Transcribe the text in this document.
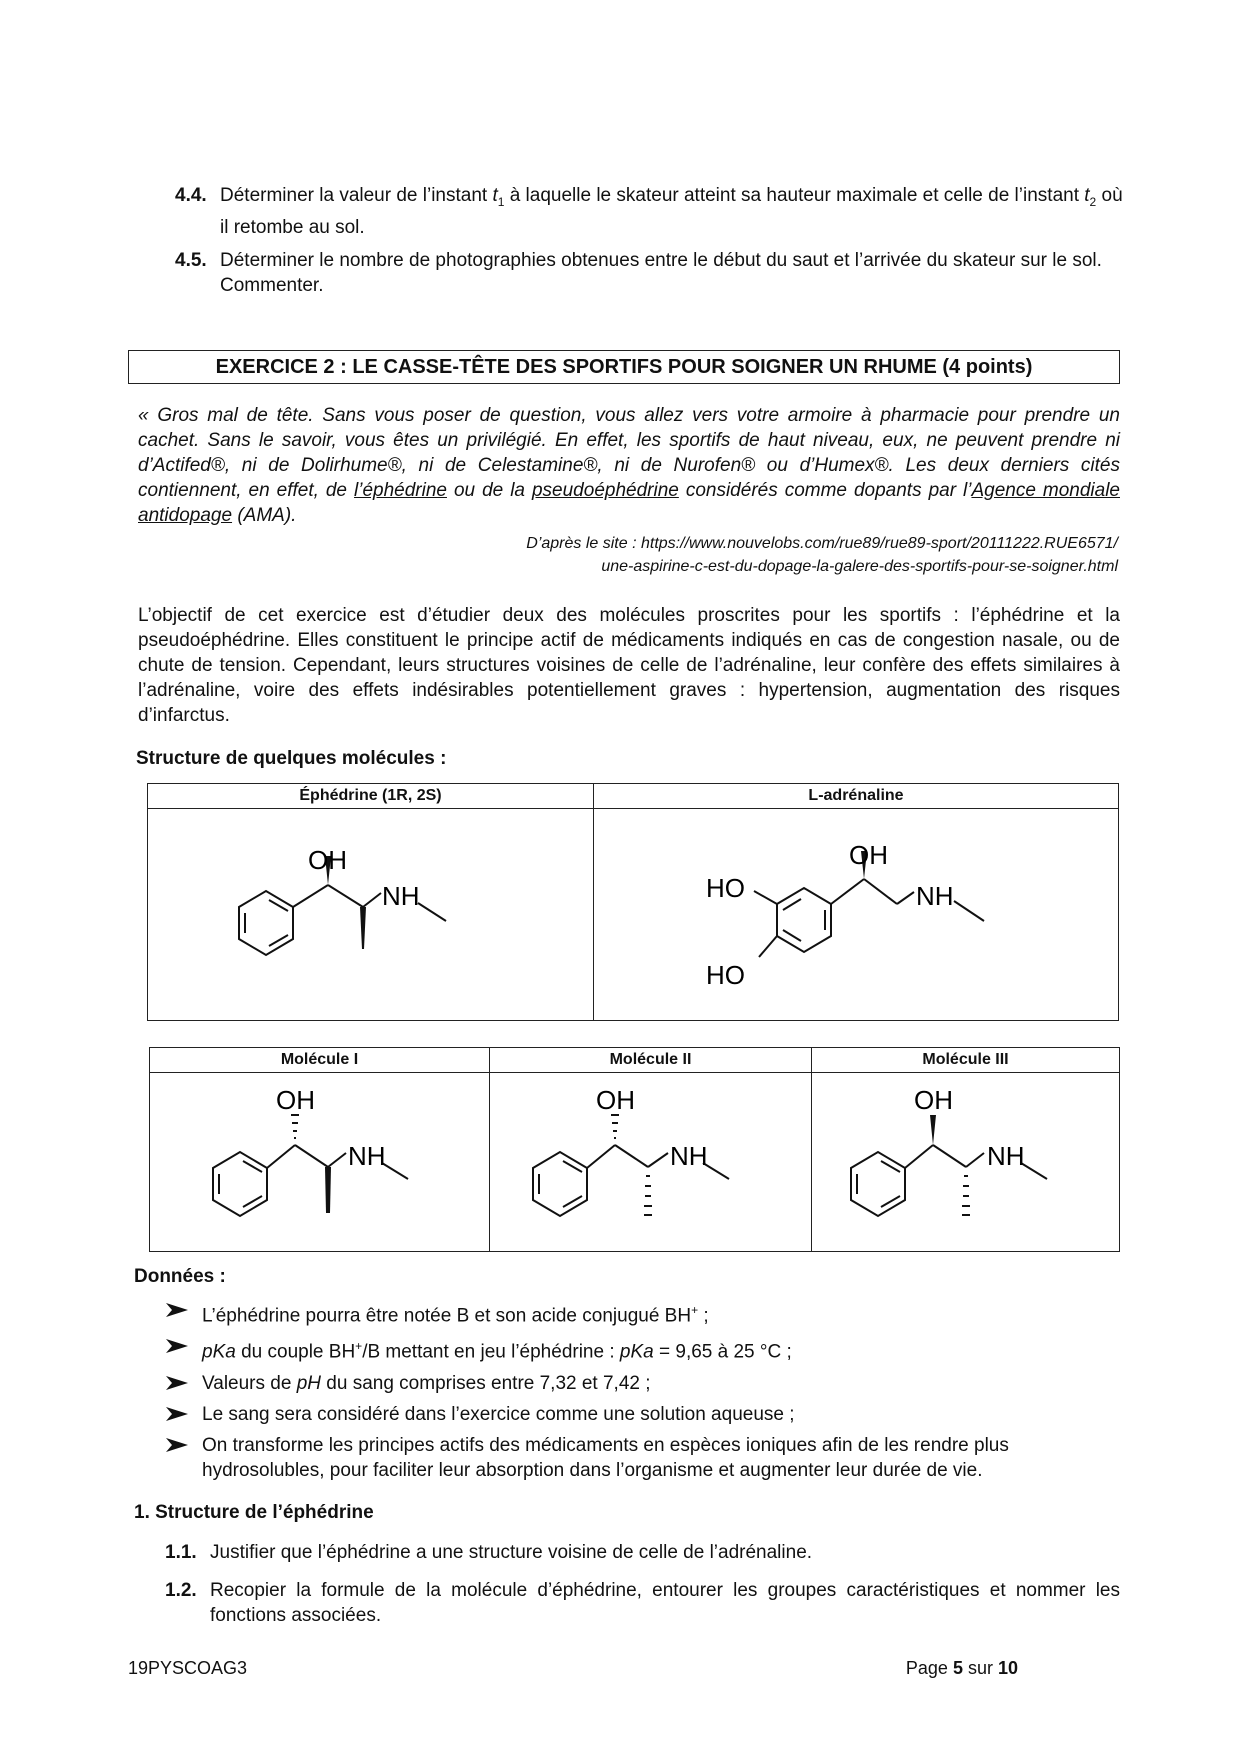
4.4. Déterminer la valeur de l’instant $t_1$ à laquelle le skateur atteint sa hauteur maximale et celle de l’instant $t_2$ où il retombe au sol.
4.5. Déterminer le nombre de photographies obtenues entre le début du saut et l’arrivée du skateur sur le sol. Commenter.
EXERCICE 2 : LE CASSE-TÊTE DES SPORTIFS POUR SOIGNER UN RHUME (4 points)
« Gros mal de tête. Sans vous poser de question, vous allez vers votre armoire à pharmacie pour prendre un cachet. Sans le savoir, vous êtes un privilégié. En effet, les sportifs de haut niveau, eux, ne peuvent prendre ni d’Actifed®, ni de Dolirhume®, ni de Celestamine®, ni de Nurofen® ou d’Humex®. Les deux derniers cités contiennent, en effet, de l’éphédrine ou de la pseudoéphédrine considérés comme dopants par l’Agence mondiale antidopage (AMA).
D’après le site : https://www.nouvelobs.com/rue89/rue89-sport/20111222.RUE6571/
une-aspirine-c-est-du-dopage-la-galere-des-sportifs-pour-se-soigner.html
L’objectif de cet exercice est d’étudier deux des molécules proscrites pour les sportifs : l’éphédrine et la pseudoéphédrine. Elles constituent le principe actif de médicaments indiqués en cas de congestion nasale, ou de chute de tension. Cependant, leurs structures voisines de celle de l’adrénaline, leur confère des effets similaires à l’adrénaline, voire des effets indésirables potentiellement graves : hypertension, augmentation des risques d’infarctus.
Structure de quelques molécules :
Éphédrine (1R, 2S)
OH
NH
L-adrénaline
OH
NH
HO
HO
Molécule I
OH
NH
Molécule II
OH
NH
Molécule III
OH
NH
Données :
L’éphédrine pourra être notée B et son acide conjugué BH+ ;
pKa du couple BH+/B mettant en jeu l’éphédrine : pKa = 9,65 à 25 °C ;
Valeurs de pH du sang comprises entre 7,32 et 7,42 ;
Le sang sera considéré dans l’exercice comme une solution aqueuse ;
On transforme les principes actifs des médicaments en espèces ioniques afin de les rendre plus hydrosolubles, pour faciliter leur absorption dans l’organisme et augmenter leur durée de vie.
1. Structure de l’éphédrine
1.1. Justifier que l’éphédrine a une structure voisine de celle de l’adrénaline.
1.2. Recopier la formule de la molécule d’éphédrine, entourer les groupes caractéristiques et nommer les fonctions associées.
19PYSCOAG3	Page 5 sur 10
